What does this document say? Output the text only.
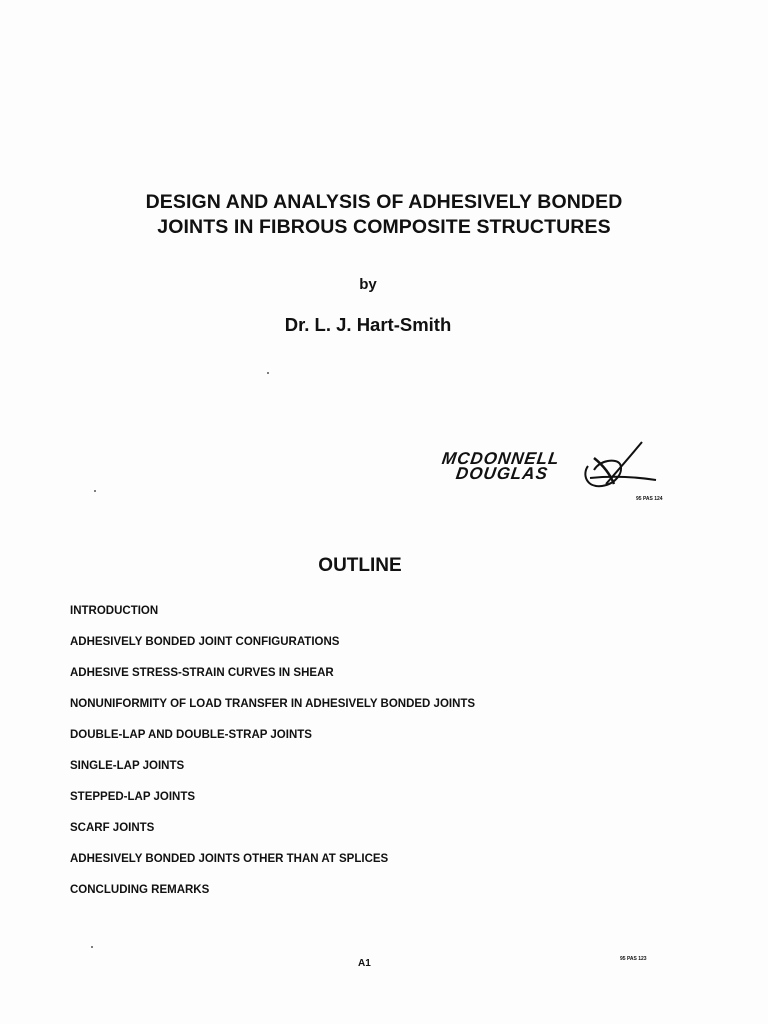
DESIGN AND ANALYSIS OF ADHESIVELY BONDED
JOINTS IN FIBROUS COMPOSITE STRUCTURES
by
Dr. L. J. Hart-Smith
MCDONNELL
DOUGLAS
95 PAS 124
OUTLINE
INTRODUCTION
ADHESIVELY BONDED JOINT CONFIGURATIONS
ADHESIVE STRESS-STRAIN CURVES IN SHEAR
NONUNIFORMITY OF LOAD TRANSFER IN ADHESIVELY BONDED JOINTS
DOUBLE-LAP AND DOUBLE-STRAP JOINTS
SINGLE-LAP JOINTS
STEPPED-LAP JOINTS
SCARF JOINTS
ADHESIVELY BONDED JOINTS OTHER THAN AT SPLICES
CONCLUDING REMARKS
A1	95 PAS 123
